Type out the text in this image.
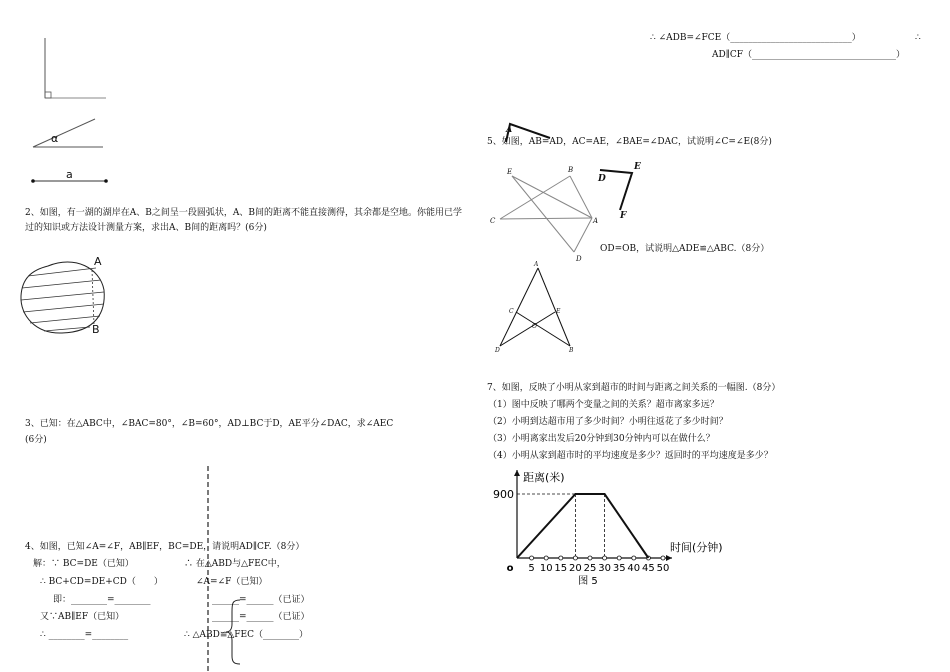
∴ ∠ADB=∠FCE（___________________________）	∴
AD∥CF（________________________________）
α
a
2、如图，有一湖的湖岸在A、B之间呈一段圆弧状，A、B间的距离不能直接测得，其余都是空地。你能用已学过的知识或方法设计测量方案，求出A、B间的距离吗？(6分)
A
B
3、已知：在△ABC中，∠BAC=80°，∠B=60°，AD⊥BC于D，AE平分∠DAC，求∠AEC
(6分)
4、如图，已知∠A=∠F，AB∥EF，BC=DE，请说明AD∥CF.（8分）
解：∵ BC=DE（已知）
∴ BC+CD=DE+CD（　　）
即：________=________
又∵AB∥EF（已知）
∴ ________=________
∴ 在△ABD与△FEC中，
∠A=∠F（已知）
______=______（已证）
______=______（已证）
∴ △ABD≌△FEC（________）
5、如图，AB=AD，AC=AE，∠BAE=∠DAC，试说明∠C=∠E(8分)
A
E	B
C	A
D
D
E
F
OD=OB，试说明△ADE≌△ABC.（8分）
A
C	E
O
D	B
7、如图，反映了小明从家到超市的时间与距离之间关系的一幅图.（8分）
（1）图中反映了哪两个变量之间的关系？超市离家多远？
（2）小明到达超市用了多少时间？小明往返花了多少时间？
（3）小明离家出发后20分钟到30分钟内可以在做什么？
（4）小明从家到超市时的平均速度是多少？返回时的平均速度是多少？
900
5 10 15 20 25 30 35 40 45 50
o
距离(米)
时间(分钟)
图 5
